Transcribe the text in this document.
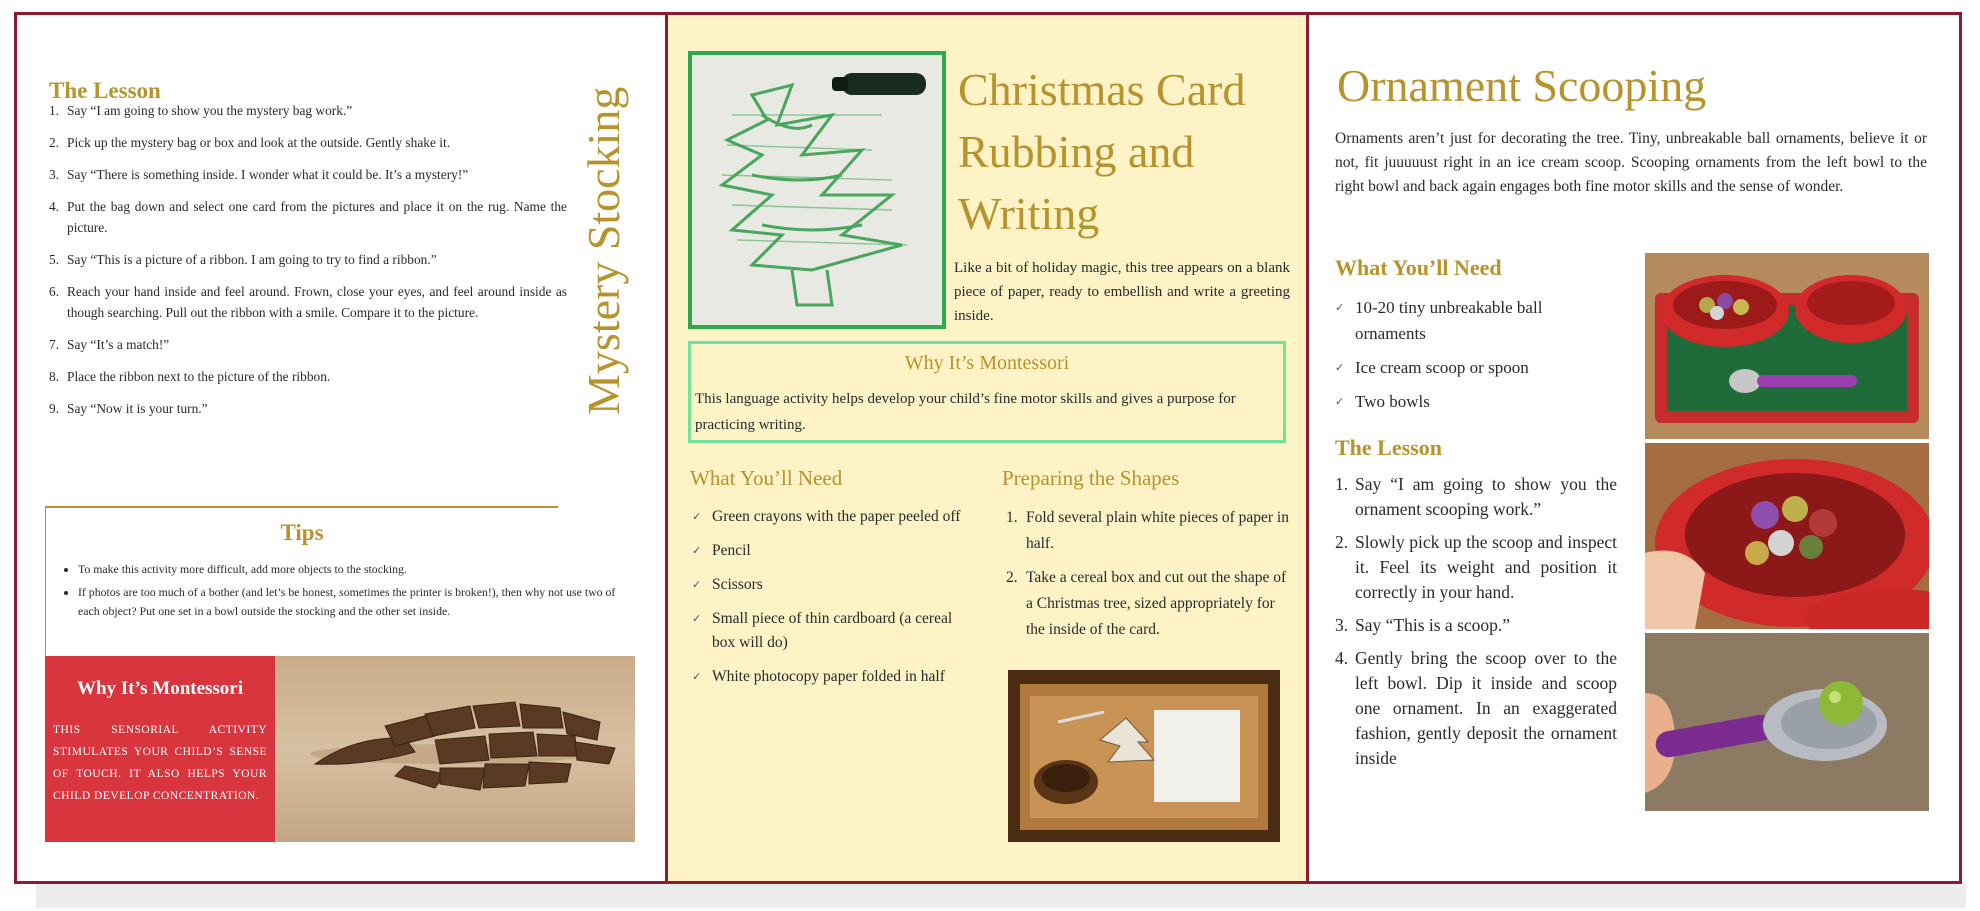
The Lesson
1. Say “I am going to show you the mystery bag work.”
2. Pick up the mystery bag or box and look at the outside. Gently shake it.
3. Say “There is something inside. I wonder what it could be. It’s a mystery!”
4. Put the bag down and select one card from the pictures and place it on the rug. Name the picture.
5. Say “This is a picture of a ribbon. I am going to try to find a ribbon.”
6. Reach your hand inside and feel around. Frown, close your eyes, and feel around inside as though searching. Pull out the ribbon with a smile. Compare it to the picture.
7. Say “It’s a match!”
8. Place the ribbon next to the picture of the ribbon.
9. Say “Now it is your turn.”	Mystery Stocking
Tips
• To make this activity more difficult, add more objects to the stocking.
• If photos are too much of a bother (and let’s be honest, sometimes the printer is broken!), then why not use two of each object? Put one set in a bowl outside the stocking and the other set inside.
Why It’s Montessori
THIS SENSORIAL ACTIVITY STIMULATES YOUR CHILD’S SENSE OF TOUCH. IT ALSO HELPS YOUR CHILD DEVELOP CONCENTRATION.
Christmas Card Rubbing and Writing
Like a bit of holiday magic, this tree appears on a blank piece of paper, ready to embellish and write a greeting inside.
Why It’s Montessori
This language activity helps develop your child’s fine motor skills and gives a purpose for practicing writing.
What You’ll Need
✓ Green crayons with the paper peeled off
✓ Pencil
✓ Scissors
✓ Small piece of thin cardboard (a cereal box will do)
✓ White photocopy paper folded in half
Preparing the Shapes
1. Fold several plain white pieces of paper in half.
2. Take a cereal box and cut out the shape of a Christmas tree, sized appropriately for the inside of the card.
Ornament Scooping
Ornaments aren’t just for decorating the tree. Tiny, unbreakable ball ornaments, believe it or not, fit juuuuust right in an ice cream scoop. Scooping ornaments from the left bowl to the right bowl and back again engages both fine motor skills and the sense of wonder.
What You’ll Need
✓ 10-20 tiny unbreakable ball ornaments
✓ Ice cream scoop or spoon
✓ Two bowls
The Lesson
1. Say “I am going to show you the ornament scooping work.”
2. Slowly pick up the scoop and inspect it. Feel its weight and position it correctly in your hand.
3. Say “This is a scoop.”
4. Gently bring the scoop over to the left bowl. Dip it inside and scoop one ornament. In an exaggerated fashion, gently deposit the ornament inside
